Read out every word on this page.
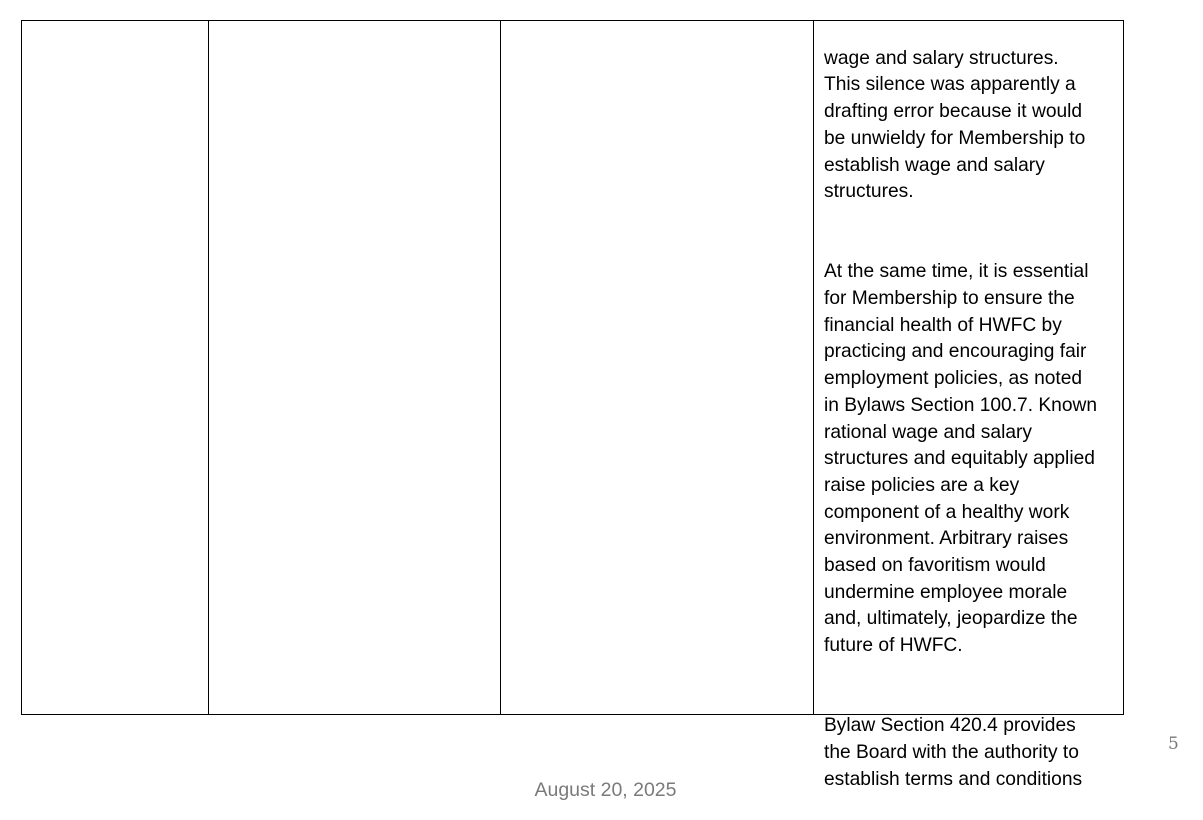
wage and salary structures.
This silence was apparently a
drafting error because it would
be unwieldy for Membership to
establish wage and salary
structures.

At the same time, it is essential
for Membership to ensure the
financial health of HWFC by
practicing and encouraging fair
employment policies, as noted
in Bylaws Section 100.7. Known
rational wage and salary
structures and equitably applied
raise policies are a key
component of a healthy work
environment. Arbitrary raises
based on favoritism would
undermine employee morale
and, ultimately, jeopardize the
future of HWFC.

Bylaw Section 420.4 provides
the Board with the authority to
establish terms and conditions

5
August 20, 2025
